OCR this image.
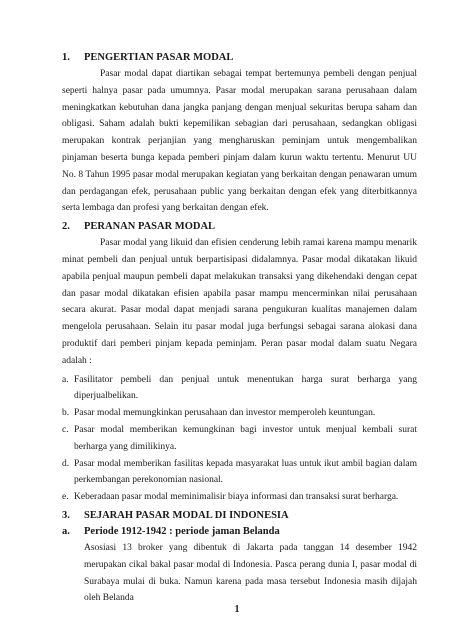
1.	PENGERTIAN PASAR MODAL

Pasar modal dapat diartikan sebagai tempat bertemunya pembeli dengan penjual seperti halnya pasar pada umumnya. Pasar modal merupakan sarana perusahaan dalam meningkatkan kebutuhan dana jangka panjang dengan menjual sekuritas berupa saham dan obligasi. Saham adalah bukti kepemilikan sebagian dari perusahaan, sedangkan obligasi merupakan kontrak perjanjian yang mengharuskan peminjam untuk mengembalikan pinjaman beserta bunga kepada pemberi pinjam dalam kurun waktu tertentu. Menurut UU No. 8 Tahun 1995 pasar modal merupakan kegiatan yang berkaitan dengan penawaran umum dan perdagangan efek, perusahaan public yang berkaitan dengan efek yang diterbitkannya serta lembaga dan profesi yang berkaitan dengan efek.

2.	PERANAN PASAR MODAL

Pasar modal yang likuid dan efisien cenderung lebih ramai karena mampu menarik minat pembeli dan penjual untuk berpartisipasi didalamnya. Pasar modal dikatakan likuid apabila penjual maupun pembeli dapat melakukan transaksi yang dikehendaki dengan cepat dan pasar modal dikatakan efisien apabila pasar mampu mencerminkan nilai perusahaan secara akurat. Pasar modal dapat menjadi sarana pengukuran kualitas manajemen dalam mengelola perusahaan. Selain itu pasar modal juga berfungsi sebagai sarana alokasi dana produktif dari pemberi pinjam kepada peminjam. Peran pasar modal dalam suatu Negara adalah :

a. Fasilitator pembeli dan penjual untuk menentukan harga surat berharga yang diperjualbelikan.
b. Pasar modal memungkinkan perusahaan dan investor memperoleh keuntungan.
c. Pasar modal memberikan kemungkinan bagi investor untuk menjual kembali surat berharga yang dimilikinya.
d. Pasar modal memberikan fasilitas kepada masyarakat luas untuk ikut ambil bagian dalam perkembangan perekonomian nasional.
e. Keberadaan pasar modal meminimalisir biaya informasi dan transaksi surat berharga.
3.	SEJARAH PASAR MODAL DI INDONESIA
a.	Periode 1912-1942 : periode jaman Belanda

Asosiasi 13 broker yang dibentuk di Jakarta pada tanggan 14 desember 1942 merupakan cikal bakal pasar modal di Indonesia. Pasca perang dunia I, pasar modal di Surabaya mulai di buka. Namun karena pada masa tersebut Indonesia masih dijajah oleh Belanda

1
